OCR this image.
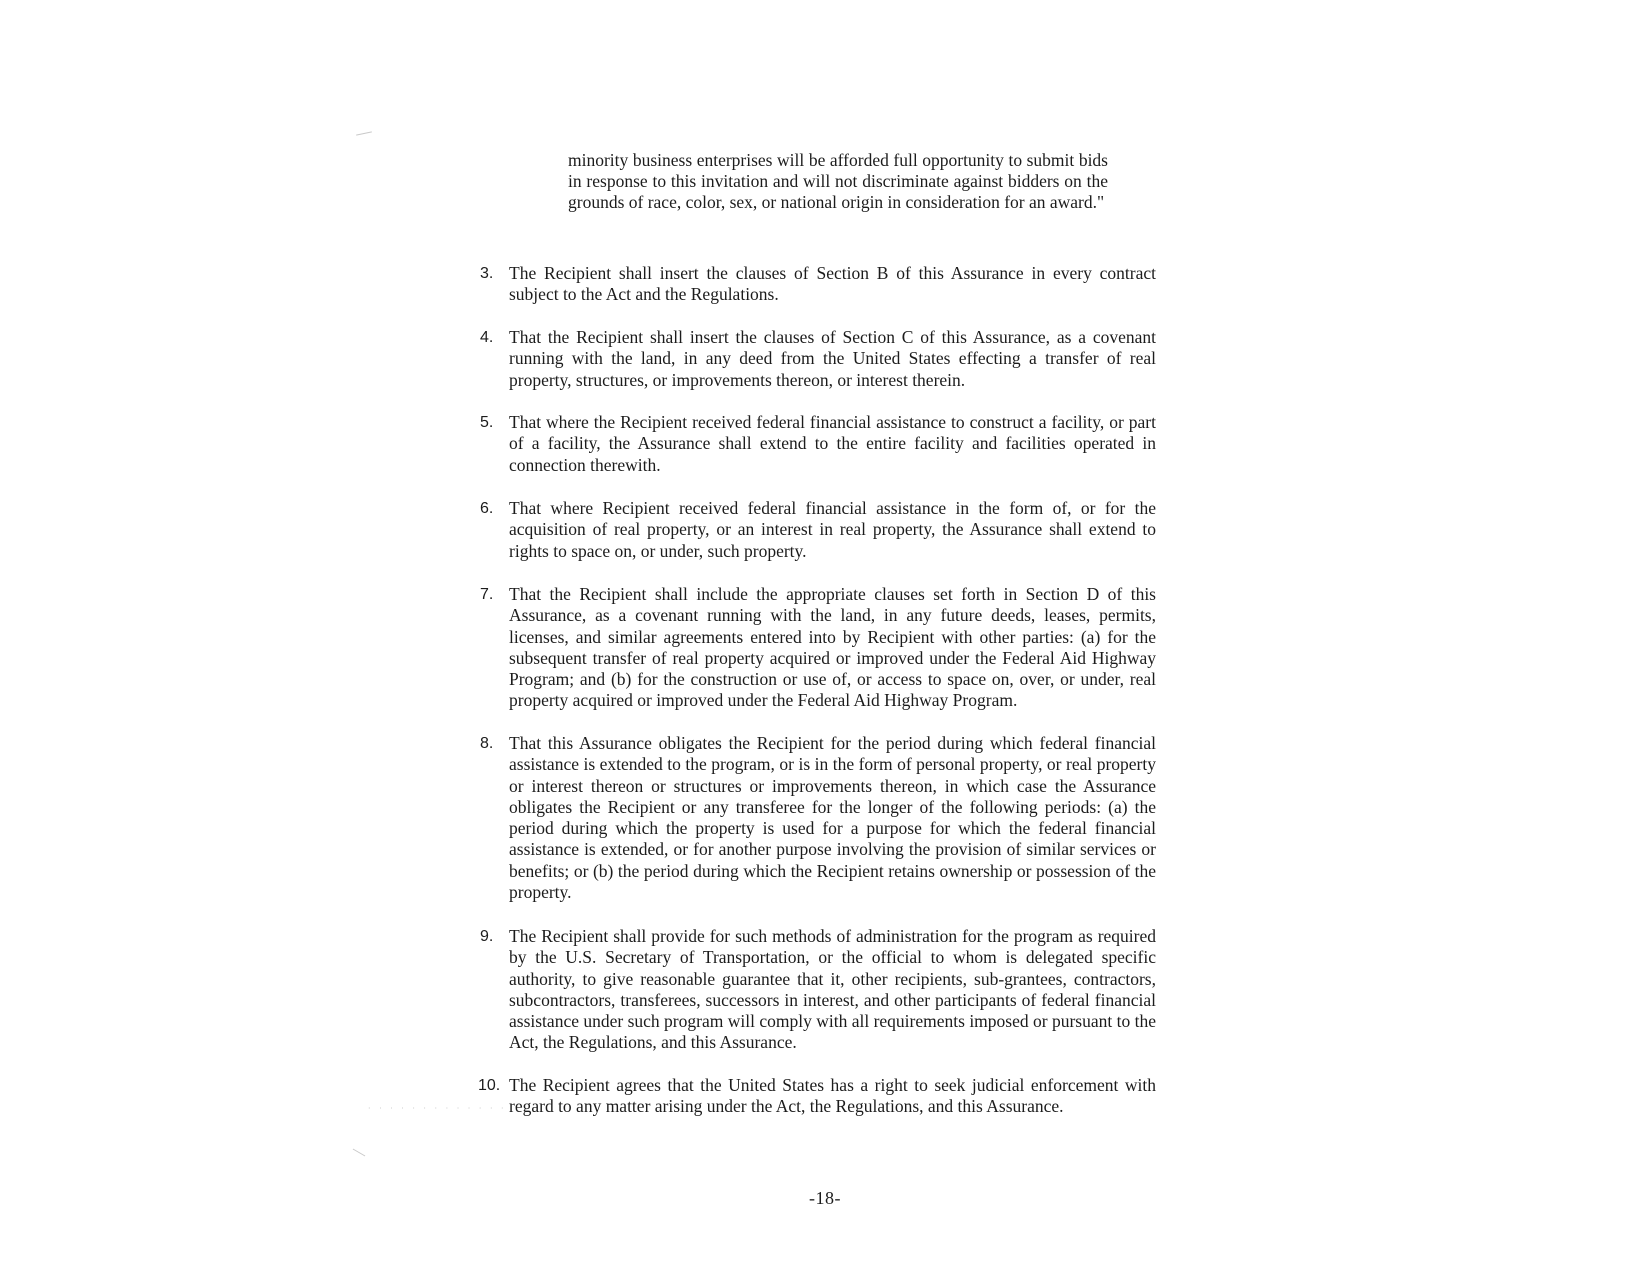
· · · · · · · · · · · · ·
minority business enterprises will be afforded full opportunity to submit bids in response to this invitation and will not discriminate against bidders on the grounds of race, color, sex, or national origin in consideration for an award."
3. The Recipient shall insert the clauses of Section B of this Assurance in every contract subject to the Act and the Regulations.
4. That the Recipient shall insert the clauses of Section C of this Assurance, as a covenant running with the land, in any deed from the United States effecting a transfer of real property, structures, or improvements thereon, or interest therein.
5. That where the Recipient received federal financial assistance to construct a facility, or part of a facility, the Assurance shall extend to the entire facility and facilities operated in connection therewith.
6. That where Recipient received federal financial assistance in the form of, or for the acquisition of real property, or an interest in real property, the Assurance shall extend to rights to space on, or under, such property.
7. That the Recipient shall include the appropriate clauses set forth in Section D of this Assurance, as a covenant running with the land, in any future deeds, leases, permits, licenses, and similar agreements entered into by Recipient with other parties: (a) for the subsequent transfer of real property acquired or improved under the Federal Aid Highway Program; and (b) for the construction or use of, or access to space on, over, or under, real property acquired or improved under the Federal Aid Highway Program.
8. That this Assurance obligates the Recipient for the period during which federal financial assistance is extended to the program, or is in the form of personal property, or real property or interest thereon or structures or improvements thereon, in which case the Assurance obligates the Recipient or any transferee for the longer of the following periods: (a) the period during which the property is used for a purpose for which the federal financial assistance is extended, or for another purpose involving the provision of similar services or benefits; or (b) the period during which the Recipient retains ownership or possession of the property.
9. The Recipient shall provide for such methods of administration for the program as required by the U.S. Secretary of Transportation, or the official to whom is delegated specific authority, to give reasonable guarantee that it, other recipients, sub-grantees, contractors, subcontractors, transferees, successors in interest, and other participants of federal financial assistance under such program will comply with all requirements imposed or pursuant to the Act, the Regulations, and this Assurance.
10. The Recipient agrees that the United States has a right to seek judicial enforcement with regard to any matter arising under the Act, the Regulations, and this Assurance.
-18-
